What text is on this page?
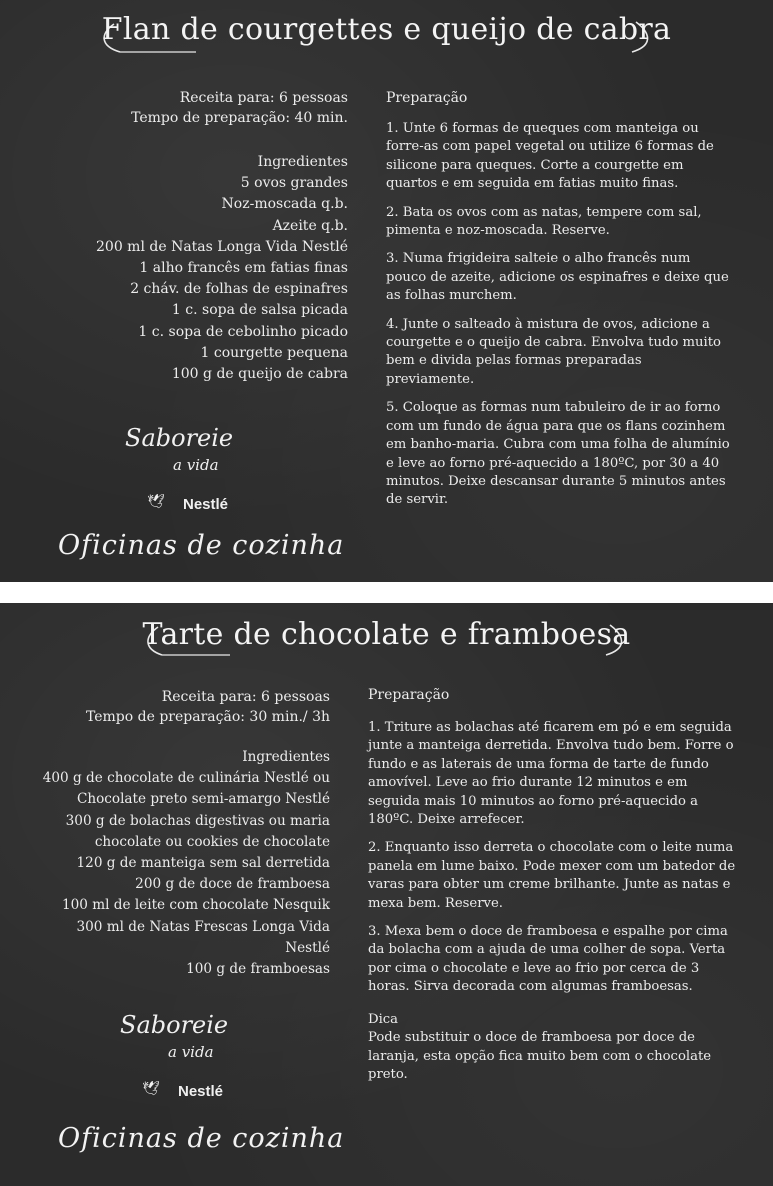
Flan de courgettes e queijo de cabra
Receita para: 6 pessoas
Tempo de preparação: 40 min.
Ingredientes
5 ovos grandes
Noz-moscada q.b.
Azeite q.b.
200 ml de Natas Longa Vida Nestlé
1 alho francês em fatias finas
2 cháv. de folhas de espinafres
1 c. sopa de salsa picada
1 c. sopa de cebolinho picado
1 courgette pequena
100 g de queijo de cabra
Preparação

1. Unte 6 formas de queques com manteiga ou forre-as com papel vegetal ou utilize 6 formas de silicone para queques. Corte a courgette em quartos e em seguida em fatias muito finas.

2. Bata os ovos com as natas, tempere com sal, pimenta e noz-moscada. Reserve.

3. Numa frigideira salteie o alho francês num pouco de azeite, adicione os espinafres e deixe que as folhas murchem.

4. Junte o salteado à mistura de ovos, adicione a courgette e o queijo de cabra. Envolva tudo muito bem e divida pelas formas preparadas previamente.

5. Coloque as formas num tabuleiro de ir ao forno com um fundo de água para que os flans cozinhem em banho-maria. Cubra com uma folha de alumínio e leve ao forno pré-aquecido a 180ºC, por 30 a 40 minutos. Deixe descansar durante 5 minutos antes de servir.

Saboreie
a vida
🕊 Nestlé
Oficinas de cozinha
Tarte de chocolate e framboesa
Receita para: 6 pessoas
Tempo de preparação: 30 min./ 3h
Ingredientes
400 g de chocolate de culinária Nestlé ou
Chocolate preto semi-amargo Nestlé
300 g de bolachas digestivas ou maria
chocolate ou cookies de chocolate
120 g de manteiga sem sal derretida
200 g de doce de framboesa
100 ml de leite com chocolate Nesquik
300 ml de Natas Frescas Longa Vida
Nestlé
100 g de framboesas
Preparação

1. Triture as bolachas até ficarem em pó e em seguida junte a manteiga derretida. Envolva tudo bem. Forre o fundo e as laterais de uma forma de tarte de fundo amovível. Leve ao frio durante 12 minutos e em seguida mais 10 minutos ao forno pré-aquecido a 180ºC. Deixe arrefecer.

2. Enquanto isso derreta o chocolate com o leite numa panela em lume baixo. Pode mexer com um batedor de varas para obter um creme brilhante. Junte as natas e mexa bem. Reserve.

3. Mexa bem o doce de framboesa e espalhe por cima da bolacha com a ajuda de uma colher de sopa. Verta por cima o chocolate e leve ao frio por cerca de 3 horas. Sirva decorada com algumas framboesas.

Dica
Pode substituir o doce de framboesa por doce de laranja, esta opção fica muito bem com o chocolate preto.
Saboreie
a vida
🕊 Nestlé
Oficinas de cozinha
